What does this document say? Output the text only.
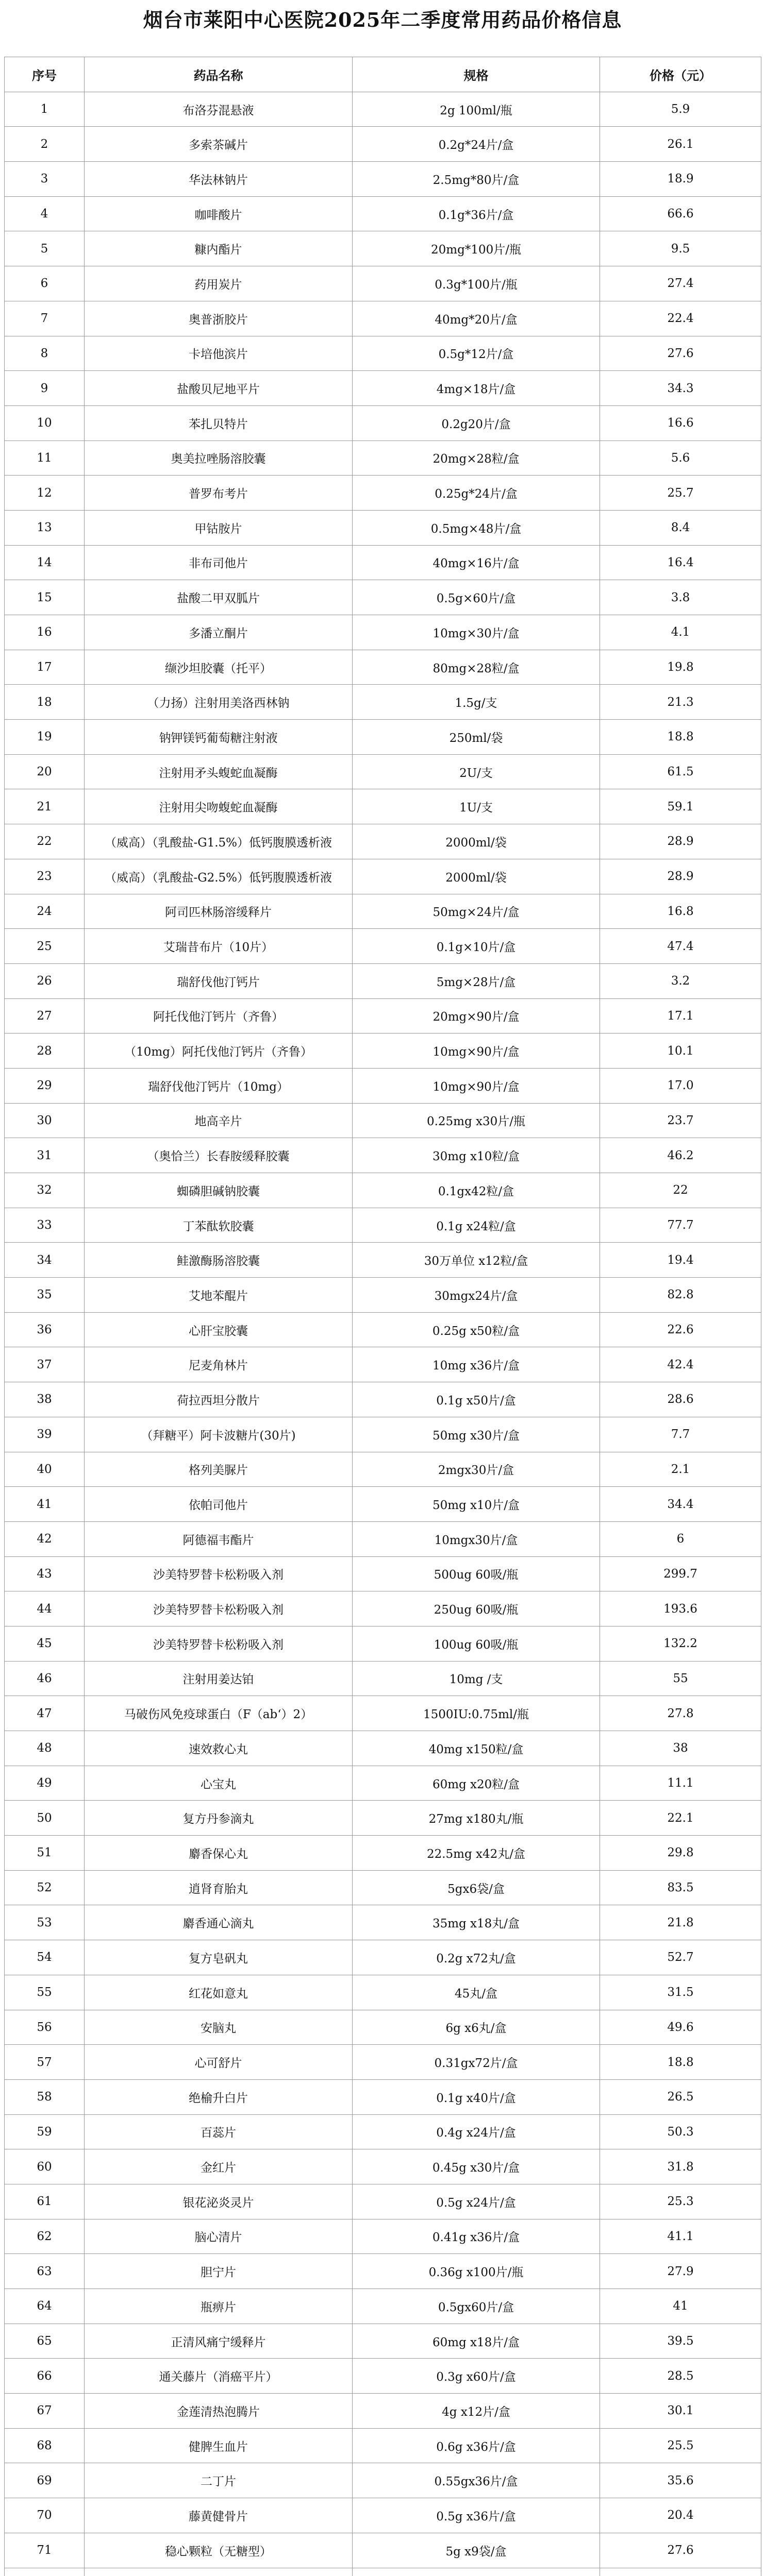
烟台市莱阳中心医院2025年二季度常用药品价格信息
序号	药品名称	规格	价格（元）
1	布洛芬混悬液	2g 100ml/瓶	5.9
2	多索茶碱片	0.2g*24片/盒	26.1
3	华法林钠片	2.5mg*80片/盒	18.9
4	咖啡酸片	0.1g*36片/盒	66.6
5	糠内酯片	20mg*100片/瓶	9.5
6	药用炭片	0.3g*100片/瓶	27.4
7	奥普浙胶片	40mg*20片/盒	22.4
8	卡培他滨片	0.5g*12片/盒	27.6
9	盐酸贝尼地平片	4mg×18片/盒	34.3
10	苯扎贝特片	0.2g20片/盒	16.6
11	奥美拉唑肠溶胶囊	20mg×28粒/盒	5.6
12	普罗布考片	0.25g*24片/盒	25.7
13	甲钴胺片	0.5mg×48片/盒	8.4
14	非布司他片	40mg×16片/盒	16.4
15	盐酸二甲双胍片	0.5g×60片/盒	3.8
16	多潘立酮片	10mg×30片/盒	4.1
17	缬沙坦胶囊（托平）	80mg×28粒/盒	19.8
18	（力扬）注射用美洛西林钠	1.5g/支	21.3
19	钠钾镁钙葡萄糖注射液	250ml/袋	18.8
20	注射用矛头蝮蛇血凝酶	2U/支	61.5
21	注射用尖吻蝮蛇血凝酶	1U/支	59.1
22	（威高）（乳酸盐-G1.5%）低钙腹膜透析液	2000ml/袋	28.9
23	（威高）（乳酸盐-G2.5%）低钙腹膜透析液	2000ml/袋	28.9
24	阿司匹林肠溶缓释片	50mg×24片/盒	16.8
25	艾瑞昔布片（10片）	0.1g×10片/盒	47.4
26	瑞舒伐他汀钙片	5mg×28片/盒	3.2
27	阿托伐他汀钙片（齐鲁）	20mg×90片/盒	17.1
28	（10mg）阿托伐他汀钙片（齐鲁）	10mg×90片/盒	10.1
29	瑞舒伐他汀钙片（10mg）	10mg×90片/盒	17.0
30	地高辛片	0.25mg x30片/瓶	23.7
31	（奥恰兰）长春胺缓释胶囊	30mg x10粒/盒	46.2
32	蜘磷胆碱钠胶囊	0.1gx42粒/盒	22
33	丁苯酞软胶囊	0.1g x24粒/盒	77.7
34	鲑激酶肠溶胶囊	30万单位 x12粒/盒	19.4
35	艾地苯醌片	30mgx24片/盒	82.8
36	心肝宝胶囊	0.25g x50粒/盒	22.6
37	尼麦角林片	10mg x36片/盒	42.4
38	荷拉西坦分散片	0.1g x50片/盒	28.6
39	（拜糖平）阿卡波糖片(30片)	50mg x30片/盒	7.7
40	格列美脲片	2mgx30片/盒	2.1
41	依帕司他片	50mg x10片/盒	34.4
42	阿德福韦酯片	10mgx30片/盒	6
43	沙美特罗替卡松粉吸入剂	500ug 60吸/瓶	299.7
44	沙美特罗替卡松粉吸入剂	250ug 60吸/瓶	193.6
45	沙美特罗替卡松粉吸入剂	100ug 60吸/瓶	132.2
46	注射用姜达铂	10mg /支	55
47	马破伤风免疫球蛋白（F（ab‘）2）	1500IU:0.75ml/瓶	27.8
48	速效救心丸	40mg x150粒/盒	38
49	心宝丸	60mg x20粒/盒	11.1
50	复方丹参滴丸	27mg x180丸/瓶	22.1
51	麝香保心丸	22.5mg x42丸/盒	29.8
52	逍肾育胎丸	5gx6袋/盒	83.5
53	麝香通心滴丸	35mg x18丸/盒	21.8
54	复方皂矾丸	0.2g x72丸/盒	52.7
55	红花如意丸	45丸/盒	31.5
56	安脑丸	6g x6丸/盒	49.6
57	心可舒片	0.31gx72片/盒	18.8
58	绝榆升白片	0.1g x40片/盒	26.5
59	百蕊片	0.4g x24片/盒	50.3
60	金红片	0.45g x30片/盒	31.8
61	银花泌炎灵片	0.5g x24片/盒	25.3
62	脑心清片	0.41g x36片/盒	41.1
63	胆宁片	0.36g x100片/瓶	27.9
64	瓶痹片	0.5gx60片/盒	41
65	正清风痛宁缓释片	60mg x18片/盒	39.5
66	通关藤片（消癌平片）	0.3g x60片/盒	28.5
67	金莲清热泡腾片	4g x12片/盒	30.1
68	健脾生血片	0.6g x36片/盒	25.5
69	二丁片	0.55gx36片/盒	35.6
70	藤黄健骨片	0.5g x36片/盒	20.4
71	稳心颗粒（无糖型）	5g x9袋/盒	27.6
